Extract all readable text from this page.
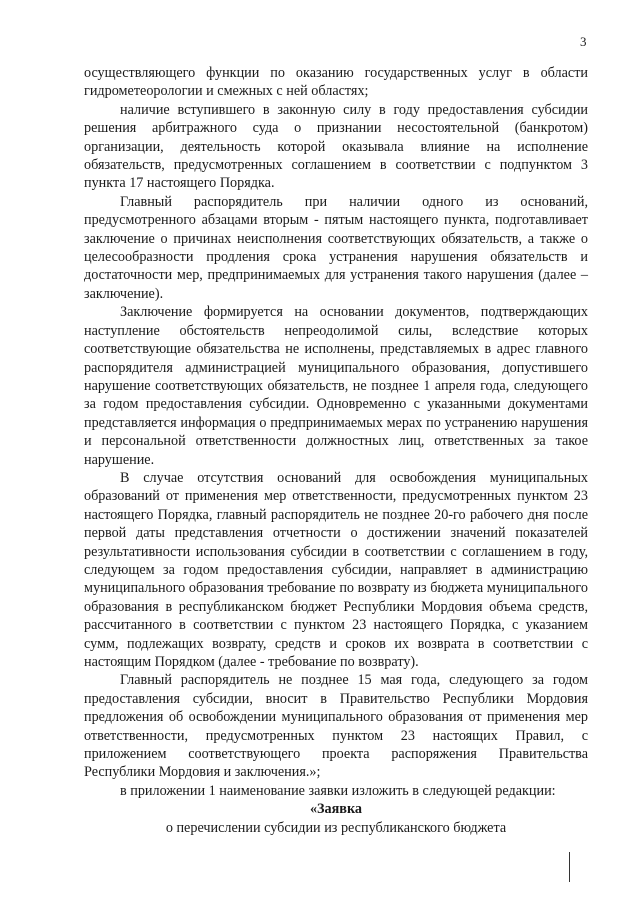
3

осуществляющего функции по оказанию государственных услуг в области гидрометеорологии и смежных с ней областях;

наличие вступившего в законную силу в году предоставления субсидии решения арбитражного суда о признании несостоятельной (банкротом) организации, деятельность которой оказывала влияние на исполнение обязательств, предусмотренных соглашением в соответствии с подпунктом 3 пункта 17 настоящего Порядка.

Главный распорядитель при наличии одного из оснований, предусмотренного абзацами вторым - пятым настоящего пункта, подготавливает заключение о причинах неисполнения соответствующих обязательств, а также о целесообразности продления срока устранения нарушения обязательств и достаточности мер, предпринимаемых для устранения такого нарушения (далее – заключение).

Заключение формируется на основании документов, подтверждающих наступление обстоятельств непреодолимой силы, вследствие которых соответствующие обязательства не исполнены, представляемых в адрес главного распорядителя администрацией муниципального образования, допустившего нарушение соответствующих обязательств, не позднее 1 апреля года, следующего за годом предоставления субсидии. Одновременно с указанными документами представляется информация о предпринимаемых мерах по устранению нарушения и персональной ответственности должностных лиц, ответственных за такое нарушение.

В случае отсутствия оснований для освобождения муниципальных образований от применения мер ответственности, предусмотренных пунктом 23 настоящего Порядка, главный распорядитель не позднее 20-го рабочего дня после первой даты представления отчетности о достижении значений показателей результативности использования субсидии в соответствии с соглашением в году, следующем за годом предоставления субсидии, направляет в администрацию муниципального образования требование по возврату из бюджета муниципального образования в республиканском бюджет Республики Мордовия объема средств, рассчитанного в соответствии с пунктом 23 настоящего Порядка, с указанием сумм, подлежащих возврату, средств и сроков их возврата в соответствии с настоящим Порядком (далее - требование по возврату).

Главный распорядитель не позднее 15 мая года, следующего за годом предоставления субсидии, вносит в Правительство Республики Мордовия предложения об освобождении муниципального образования от применения мер ответственности, предусмотренных пунктом 23 настоящих Правил, с приложением соответствующего проекта распоряжения Правительства Республики Мордовия и заключения.»;

в приложении 1 наименование заявки изложить в следующей редакции:

«Заявка

о перечислении субсидии из республиканского бюджета
